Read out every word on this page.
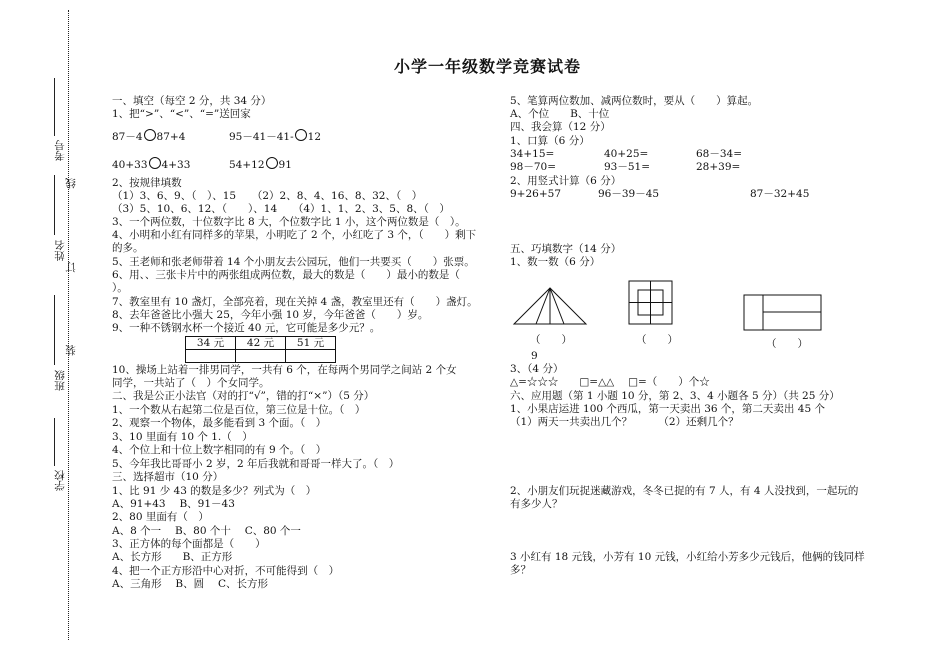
考号
线
姓名
订
班级
装
学校
小学一年级数学竞赛试卷
一、填空（每空 2 分，共 34 分）
1、把“>”、“<”、“=”送回家
87－4 87+4	95－41－41- 12
40+33 4+33	54+12 91
2、按规律填数
（1）3、6、9、（　）、15　　（2）2、8、4、16、8、32、（　）
（3）5、10、6、12、（　　）、14　　（4）1、1、2、3、5、8、（　）
3、一个两位数，十位数字比 8 大，个位数字比 1 小，这个两位数是（　）。
4、小明和小红有同样多的苹果，小明吃了 2 个，小红吃了 3 个，（　　）剩下
的多。
5、王老师和张老师带着 14 个小朋友去公园玩，他们一共要买（　　）张票。
6、用、、三张卡片中的两张组成两位数，最大的数是（　　）最小的数是（
）。
7、教室里有 10 盏灯，全部亮着，现在关掉 4 盏，教室里还有（　　）盏灯。
8、去年爸爸比小强大 25，今年小强 10 岁，今年爸爸（　　）岁。
9、一种不锈钢水杯一个接近 40 元，它可能是多少元？。
34 元	42 元	51 元

10、操场上站着一排男同学，一共有 6 个，在每两个男同学之间站 2 个女
同学，一共站了（　）个女同学。
二、我是公正小法官（对的打“√”，错的打“×”）（5 分）
1、一个数从右起第二位是百位，第三位是十位。（　）
2、观察一个物体，最多能看到 3 个面。（　）
3、10 里面有 10 个 1.（　）
4、个位上和十位上数字相同的有 9 个。（　）
5、今年我比哥哥小 2 岁，2 年后我就和哥哥一样大了。（　）
三、选择超市（10 分）
1、比 91 少 43 的数是多少？列式为（　）
A、91+43　 B、91－43
2、80 里面有（　）
A、8 个一　 B、80 个十　 C、80 个一
3、正方体的每个面都是（　　）
A、长方形　　B、正方形
4、把一个正方形沿中心对折，不可能得到（　）
A、三角形　 B、圆　 C、长方形
5、笔算两位数加、减两位数时，要从（　　）算起。
A、个位　　B、十位
四、我会算（12 分）
1、口算（6 分）
34+15=	40+25=	68－34=
98－70=	93－51=	28+39=
2、用竖式计算（6 分）
9+26+57	96－39－45	87－32+45
五、巧填数字（14 分）
1、数一数（6 分）
（　　）	（　　）	（　　）
9
3、（4 分）
△=☆☆☆　　□=△△　 □=（　　）个☆
六、应用题（第 1 小题 10 分，第 2、3、4 小题各 5 分）（共 25 分）
1、小果店运进 100 个西瓜，第一天卖出 36 个，第二天卖出 45 个
（1）两天一共卖出几个？　　　（2）还剩几个？
2、小朋友们玩捉迷藏游戏，冬冬已捉的有 7 人，有 4 人没找到，一起玩的
有多少人？
3 小红有 18 元钱，小芳有 10 元钱，小红给小芳多少元钱后，他俩的钱同样
多？
